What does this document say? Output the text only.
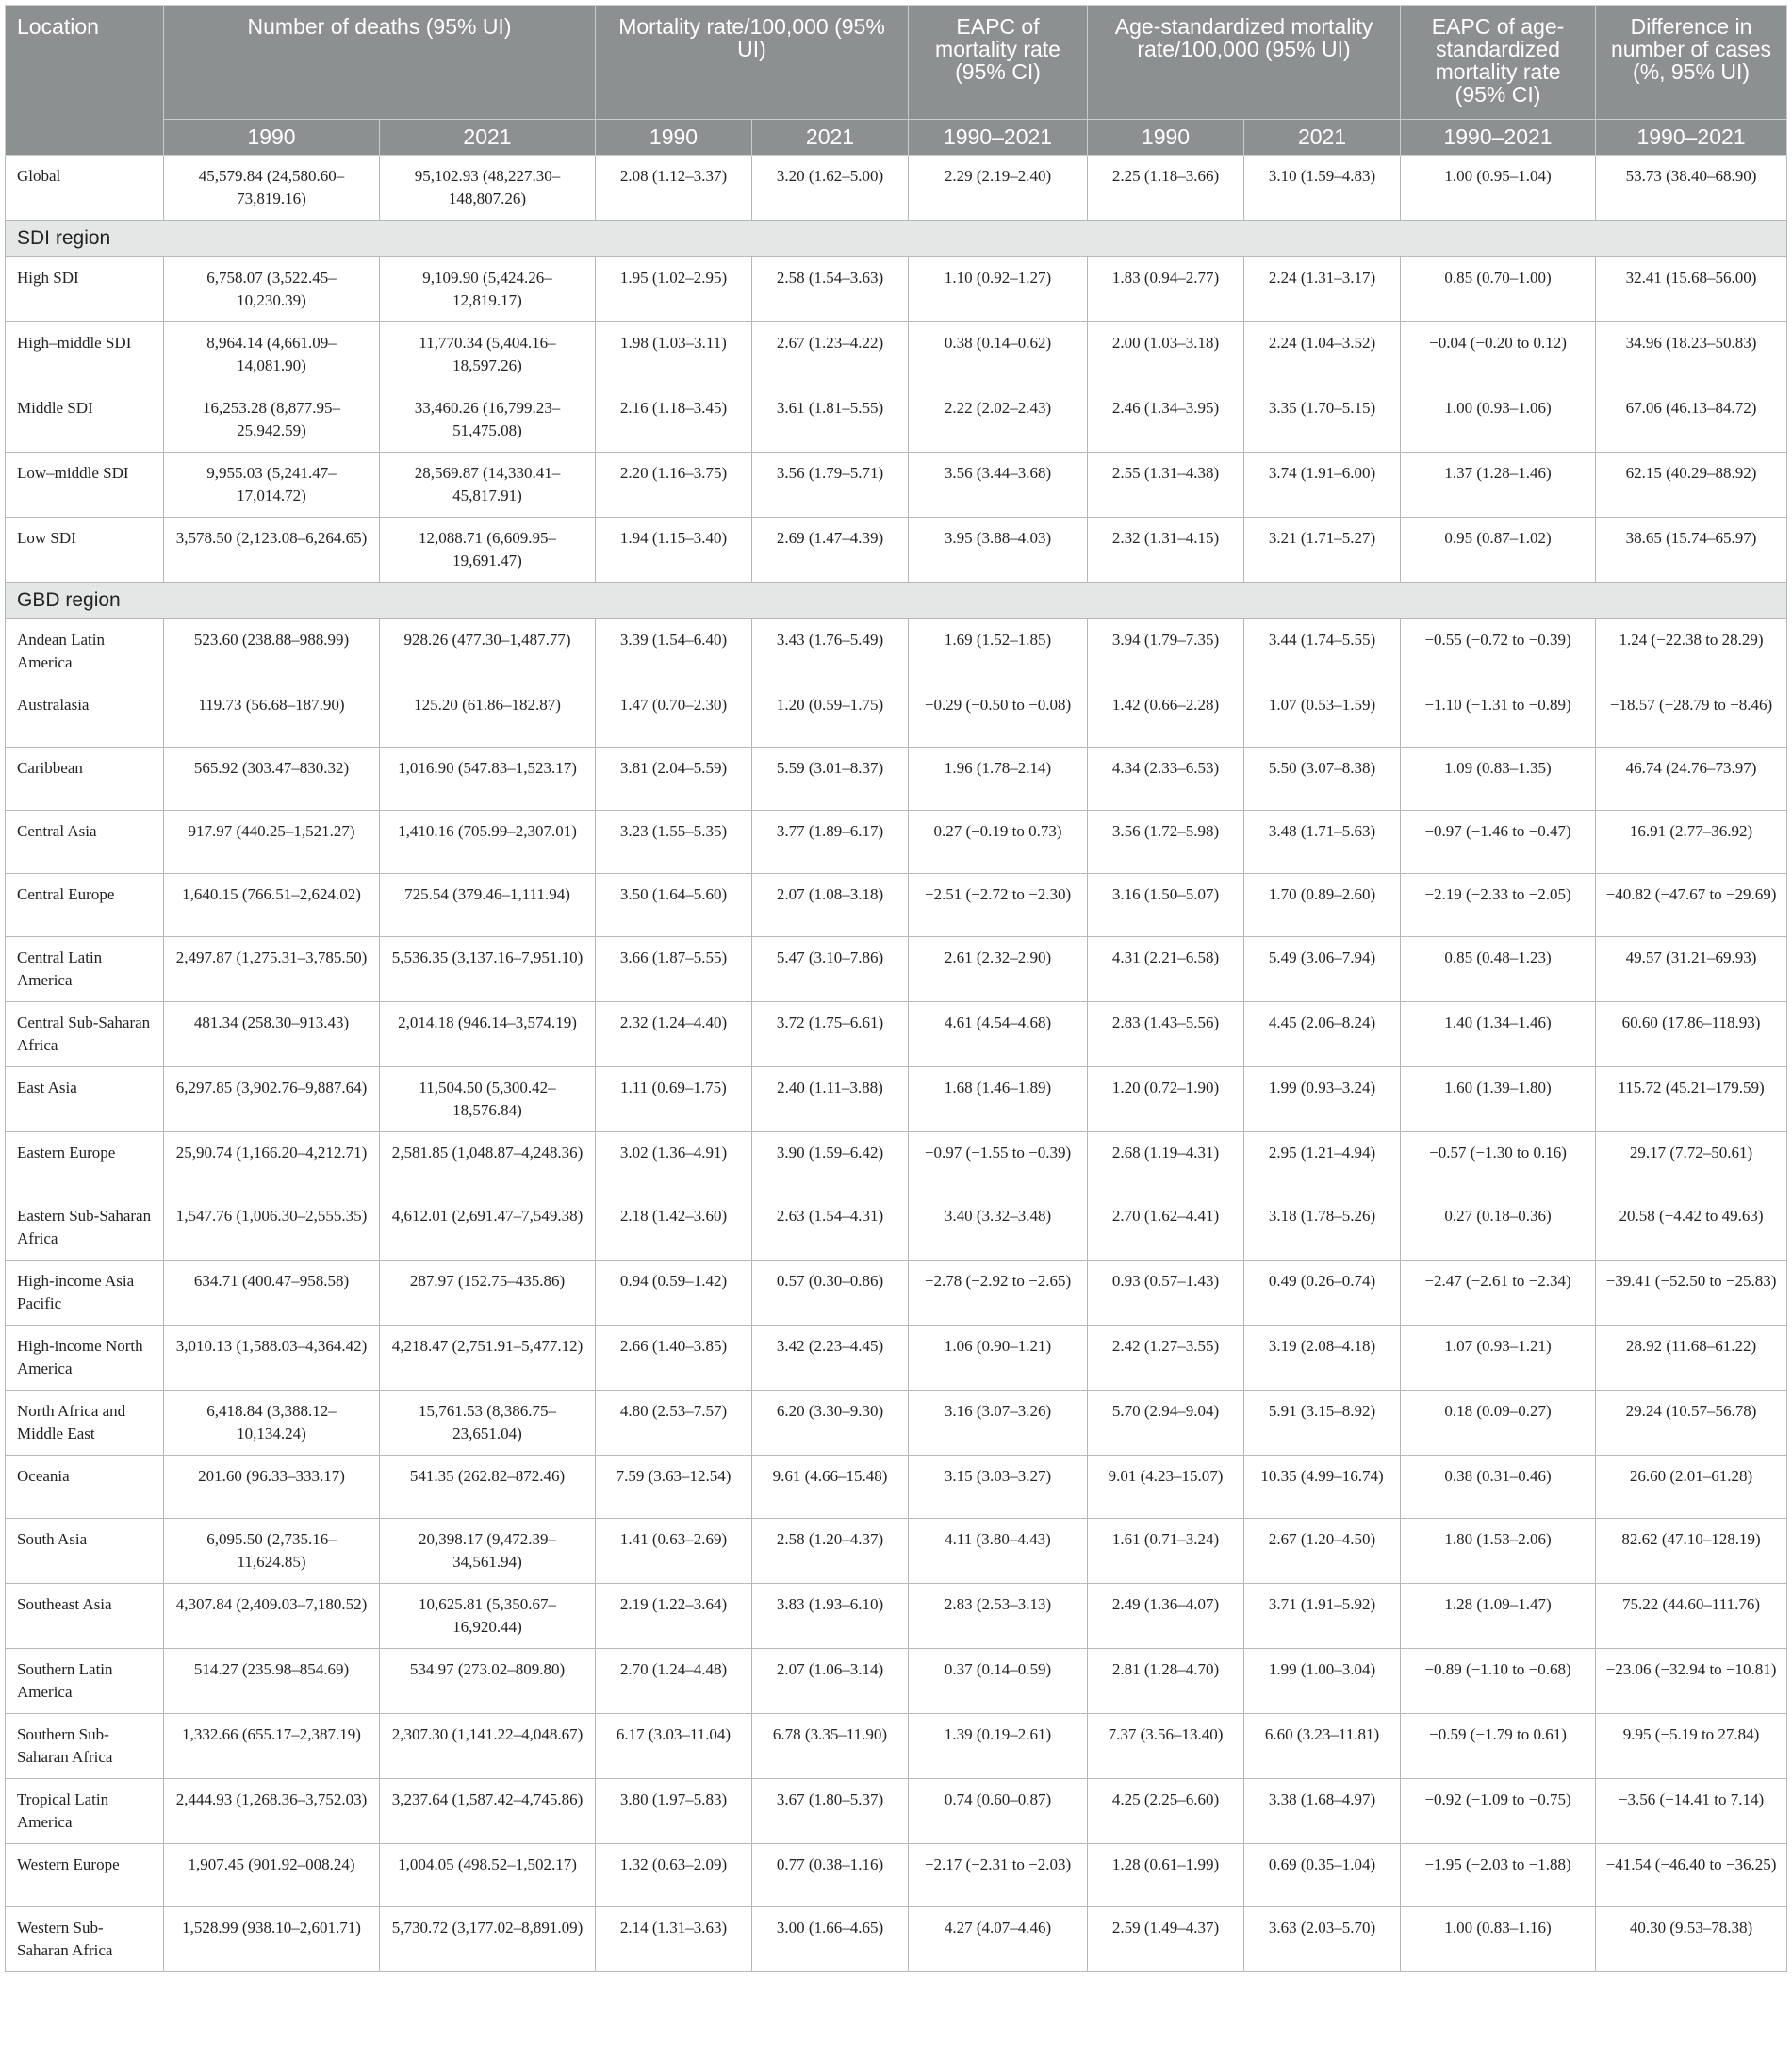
Location	Number of deaths (95% UI)		Mortality rate/100,000 (95% UI)		EAPC of mortality rate (95% CI)	Age-standardized mortality rate/100,000 (95% UI)		EAPC of age-standardized mortality rate (95% CI)	Difference in number of cases (%, 95% UI)
	1990	2021	1990	2021	1990–2021	1990	2021	1990–2021	1990–2021
Global	45,579.84 (24,580.60–73,819.16)	95,102.93 (48,227.30–148,807.26)	2.08 (1.12–3.37)	3.20 (1.62–5.00)	2.29 (2.19–2.40)	2.25 (1.18–3.66)	3.10 (1.59–4.83)	1.00 (0.95–1.04)	53.73 (38.40–68.90)
SDI region									
High SDI	6,758.07 (3,522.45–10,230.39)	9,109.90 (5,424.26–12,819.17)	1.95 (1.02–2.95)	2.58 (1.54–3.63)	1.10 (0.92–1.27)	1.83 (0.94–2.77)	2.24 (1.31–3.17)	0.85 (0.70–1.00)	32.41 (15.68–56.00)
High–middle SDI	8,964.14 (4,661.09–14,081.90)	11,770.34 (5,404.16–18,597.26)	1.98 (1.03–3.11)	2.67 (1.23–4.22)	0.38 (0.14–0.62)	2.00 (1.03–3.18)	2.24 (1.04–3.52)	−0.04 (−0.20 to 0.12)	34.96 (18.23–50.83)
Middle SDI	16,253.28 (8,877.95–25,942.59)	33,460.26 (16,799.23–51,475.08)	2.16 (1.18–3.45)	3.61 (1.81–5.55)	2.22 (2.02–2.43)	2.46 (1.34–3.95)	3.35 (1.70–5.15)	1.00 (0.93–1.06)	67.06 (46.13–84.72)
Low–middle SDI	9,955.03 (5,241.47–17,014.72)	28,569.87 (14,330.41–45,817.91)	2.20 (1.16–3.75)	3.56 (1.79–5.71)	3.56 (3.44–3.68)	2.55 (1.31–4.38)	3.74 (1.91–6.00)	1.37 (1.28–1.46)	62.15 (40.29–88.92)
Low SDI	3,578.50 (2,123.08–6,264.65)	12,088.71 (6,609.95–19,691.47)	1.94 (1.15–3.40)	2.69 (1.47–4.39)	3.95 (3.88–4.03)	2.32 (1.31–4.15)	3.21 (1.71–5.27)	0.95 (0.87–1.02)	38.65 (15.74–65.97)
GBD region									
Andean Latin America	523.60 (238.88–988.99)	928.26 (477.30–1,487.77)	3.39 (1.54–6.40)	3.43 (1.76–5.49)	1.69 (1.52–1.85)	3.94 (1.79–7.35)	3.44 (1.74–5.55)	−0.55 (−0.72 to −0.39)	1.24 (−22.38 to 28.29)
Australasia	119.73 (56.68–187.90)	125.20 (61.86–182.87)	1.47 (0.70–2.30)	1.20 (0.59–1.75)	−0.29 (−0.50 to −0.08)	1.42 (0.66–2.28)	1.07 (0.53–1.59)	−1.10 (−1.31 to −0.89)	−18.57 (−28.79 to −8.46)
Caribbean	565.92 (303.47–830.32)	1,016.90 (547.83–1,523.17)	3.81 (2.04–5.59)	5.59 (3.01–8.37)	1.96 (1.78–2.14)	4.34 (2.33–6.53)	5.50 (3.07–8.38)	1.09 (0.83–1.35)	46.74 (24.76–73.97)
Central Asia	917.97 (440.25–1,521.27)	1,410.16 (705.99–2,307.01)	3.23 (1.55–5.35)	3.77 (1.89–6.17)	0.27 (−0.19 to 0.73)	3.56 (1.72–5.98)	3.48 (1.71–5.63)	−0.97 (−1.46 to −0.47)	16.91 (2.77–36.92)
Central Europe	1,640.15 (766.51–2,624.02)	725.54 (379.46–1,111.94)	3.50 (1.64–5.60)	2.07 (1.08–3.18)	−2.51 (−2.72 to −2.30)	3.16 (1.50–5.07)	1.70 (0.89–2.60)	−2.19 (−2.33 to −2.05)	−40.82 (−47.67 to −29.69)
Central Latin America	2,497.87 (1,275.31–3,785.50)	5,536.35 (3,137.16–7,951.10)	3.66 (1.87–5.55)	5.47 (3.10–7.86)	2.61 (2.32–2.90)	4.31 (2.21–6.58)	5.49 (3.06–7.94)	0.85 (0.48–1.23)	49.57 (31.21–69.93)
Central Sub-Saharan Africa	481.34 (258.30–913.43)	2,014.18 (946.14–3,574.19)	2.32 (1.24–4.40)	3.72 (1.75–6.61)	4.61 (4.54–4.68)	2.83 (1.43–5.56)	4.45 (2.06–8.24)	1.40 (1.34–1.46)	60.60 (17.86–118.93)
East Asia	6,297.85 (3,902.76–9,887.64)	11,504.50 (5,300.42–18,576.84)	1.11 (0.69–1.75)	2.40 (1.11–3.88)	1.68 (1.46–1.89)	1.20 (0.72–1.90)	1.99 (0.93–3.24)	1.60 (1.39–1.80)	115.72 (45.21–179.59)
Eastern Europe	25,90.74 (1,166.20–4,212.71)	2,581.85 (1,048.87–4,248.36)	3.02 (1.36–4.91)	3.90 (1.59–6.42)	−0.97 (−1.55 to −0.39)	2.68 (1.19–4.31)	2.95 (1.21–4.94)	−0.57 (−1.30 to 0.16)	29.17 (7.72–50.61)
Eastern Sub-Saharan Africa	1,547.76 (1,006.30–2,555.35)	4,612.01 (2,691.47–7,549.38)	2.18 (1.42–3.60)	2.63 (1.54–4.31)	3.40 (3.32–3.48)	2.70 (1.62–4.41)	3.18 (1.78–5.26)	0.27 (0.18–0.36)	20.58 (−4.42 to 49.63)
High-income Asia Pacific	634.71 (400.47–958.58)	287.97 (152.75–435.86)	0.94 (0.59–1.42)	0.57 (0.30–0.86)	−2.78 (−2.92 to −2.65)	0.93 (0.57–1.43)	0.49 (0.26–0.74)	−2.47 (−2.61 to −2.34)	−39.41 (−52.50 to −25.83)
High-income North America	3,010.13 (1,588.03–4,364.42)	4,218.47 (2,751.91–5,477.12)	2.66 (1.40–3.85)	3.42 (2.23–4.45)	1.06 (0.90–1.21)	2.42 (1.27–3.55)	3.19 (2.08–4.18)	1.07 (0.93–1.21)	28.92 (11.68–61.22)
North Africa and Middle East	6,418.84 (3,388.12–10,134.24)	15,761.53 (8,386.75–23,651.04)	4.80 (2.53–7.57)	6.20 (3.30–9.30)	3.16 (3.07–3.26)	5.70 (2.94–9.04)	5.91 (3.15–8.92)	0.18 (0.09–0.27)	29.24 (10.57–56.78)
Oceania	201.60 (96.33–333.17)	541.35 (262.82–872.46)	7.59 (3.63–12.54)	9.61 (4.66–15.48)	3.15 (3.03–3.27)	9.01 (4.23–15.07)	10.35 (4.99–16.74)	0.38 (0.31–0.46)	26.60 (2.01–61.28)
South Asia	6,095.50 (2,735.16–11,624.85)	20,398.17 (9,472.39–34,561.94)	1.41 (0.63–2.69)	2.58 (1.20–4.37)	4.11 (3.80–4.43)	1.61 (0.71–3.24)	2.67 (1.20–4.50)	1.80 (1.53–2.06)	82.62 (47.10–128.19)
Southeast Asia	4,307.84 (2,409.03–7,180.52)	10,625.81 (5,350.67–16,920.44)	2.19 (1.22–3.64)	3.83 (1.93–6.10)	2.83 (2.53–3.13)	2.49 (1.36–4.07)	3.71 (1.91–5.92)	1.28 (1.09–1.47)	75.22 (44.60–111.76)
Southern Latin America	514.27 (235.98–854.69)	534.97 (273.02–809.80)	2.70 (1.24–4.48)	2.07 (1.06–3.14)	0.37 (0.14–0.59)	2.81 (1.28–4.70)	1.99 (1.00–3.04)	−0.89 (−1.10 to −0.68)	−23.06 (−32.94 to −10.81)
Southern Sub-Saharan Africa	1,332.66 (655.17–2,387.19)	2,307.30 (1,141.22–4,048.67)	6.17 (3.03–11.04)	6.78 (3.35–11.90)	1.39 (0.19–2.61)	7.37 (3.56–13.40)	6.60 (3.23–11.81)	−0.59 (−1.79 to 0.61)	9.95 (−5.19 to 27.84)
Tropical Latin America	2,444.93 (1,268.36–3,752.03)	3,237.64 (1,587.42–4,745.86)	3.80 (1.97–5.83)	3.67 (1.80–5.37)	0.74 (0.60–0.87)	4.25 (2.25–6.60)	3.38 (1.68–4.97)	−0.92 (−1.09 to −0.75)	−3.56 (−14.41 to 7.14)
Western Europe	1,907.45 (901.92–008.24)	1,004.05 (498.52–1,502.17)	1.32 (0.63–2.09)	0.77 (0.38–1.16)	−2.17 (−2.31 to −2.03)	1.28 (0.61–1.99)	0.69 (0.35–1.04)	−1.95 (−2.03 to −1.88)	−41.54 (−46.40 to −36.25)
Western Sub-Saharan Africa	1,528.99 (938.10–2,601.71)	5,730.72 (3,177.02–8,891.09)	2.14 (1.31–3.63)	3.00 (1.66–4.65)	4.27 (4.07–4.46)	2.59 (1.49–4.37)	3.63 (2.03–5.70)	1.00 (0.83–1.16)	40.30 (9.53–78.38)
